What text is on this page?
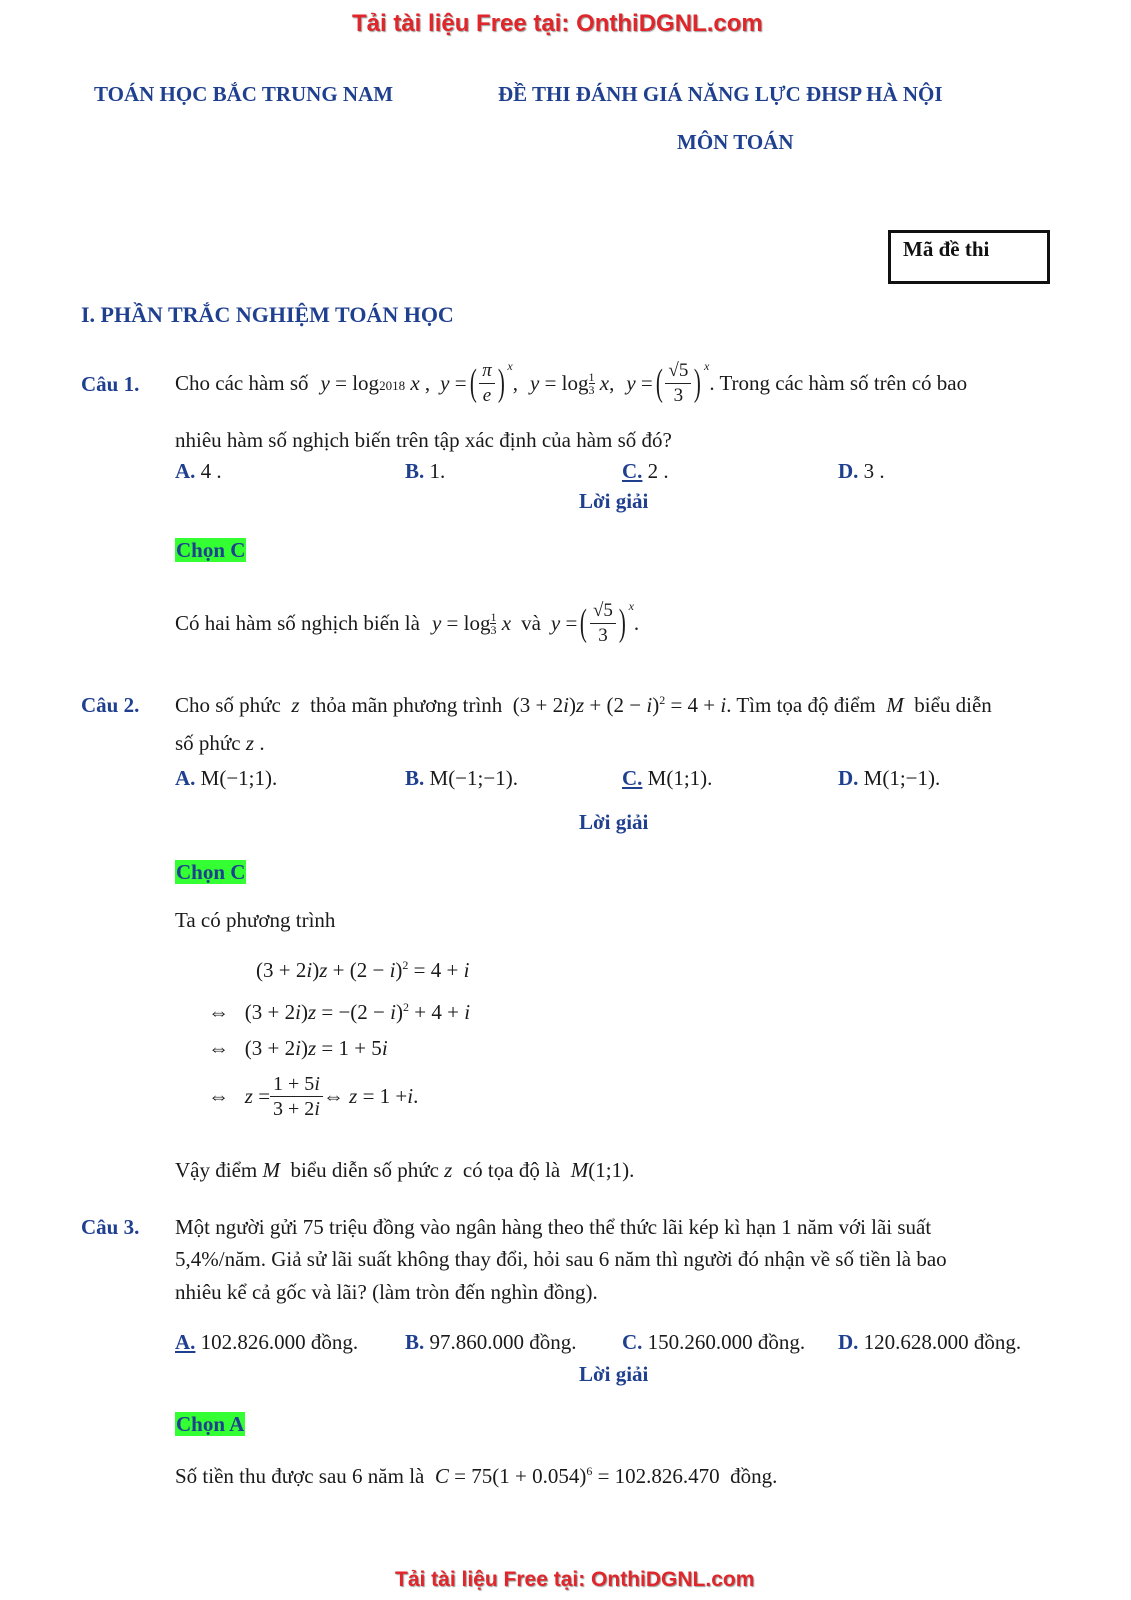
Tải tài liệu Free tại: OnthiDGNL.com
Tải tài liệu Free tại: OnthiDGNL.com
TOÁN HỌC BẮC TRUNG NAM	ĐỀ THI ĐÁNH GIÁ NĂNG LỰC ĐHSP HÀ NỘI
MÔN TOÁN
Mã đề thi
I. PHẦN TRẮC NGHIỆM TOÁN HỌC
Câu 1. Cho các hàm số y = log2018 x , y = ( $\frac{\pi}{e}$ ) $^x$
, y = log 1
3
x , y = ( $\frac{√5}{3}$ ) $^x$
. Trong các hàm số trên có bao
nhiêu hàm số nghịch biến trên tập xác định của hàm số đó?
A. 4 .	B. 1.	C. 2 .	D. 3 .
Lời giải
Chọn C
Có hai hàm số nghịch biến là y = log 1
3
x và y = ( $\frac{√5}{3}$ ) $^x$
.
Câu 2. Cho số phức  z  thỏa mãn phương trình  $(3 + 2i)z + (2 - i)^2 = 4 + i$. Tìm tọa độ điểm  M  biểu diễn
số phức z .
A. M(−1;1).	B. M(−1;−1).	C. M(1;1).	D. M(1;−1).
Lời giải
Chọn C
Ta có phương trình
$(3 + 2i)z + (2 - i)^2 = 4 + i$
⇔   $(3 + 2i)z = -(2 - i)^2 + 4 + i$
⇔   (3 + 2i)z = 1 + 5i
⇔ $z = \frac{1 + 5i}{3 + 2i}$ ⇔ z = 1 + i .
Vậy điểm M  biểu diễn số phức z  có tọa độ là M(1;1).
Câu 3. Một người gửi 75 triệu đồng vào ngân hàng theo thể thức lãi kép kì hạn 1 năm với lãi suất
5,4%/năm. Giả sử lãi suất không thay đổi, hỏi sau 6 năm thì người đó nhận về số tiền là bao
nhiêu kể cả gốc và lãi? (làm tròn đến nghìn đồng).
A. 102.826.000 đồng. B. 97.860.000 đồng. C. 150.260.000 đồng. D. 120.628.000 đồng.
Lời giải
Chọn A
Số tiền thu được sau 6 năm là $C = 75(1 + 0.054)^6 = 102.826.470$  đồng.
